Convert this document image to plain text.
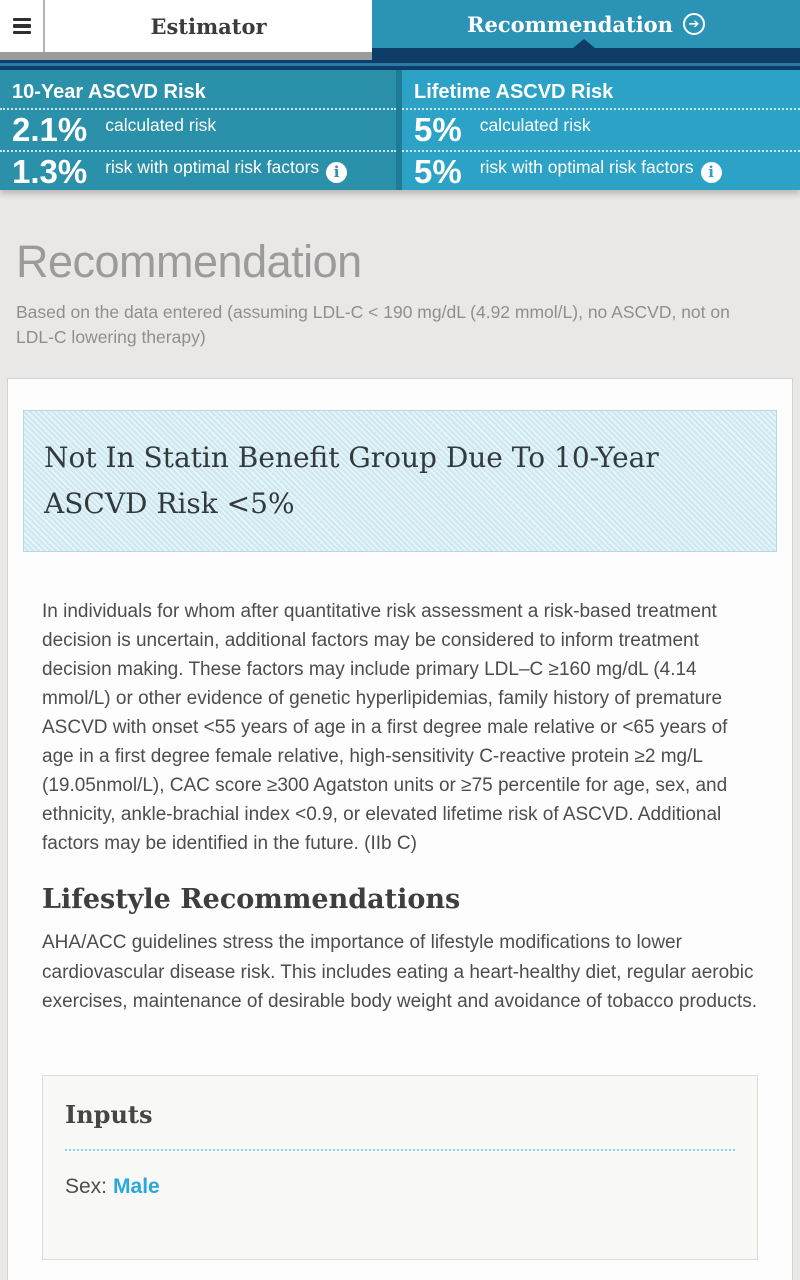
Estimator	Recommendation	➔
10-Year ASCVD Risk
2.1% calculated risk
1.3% risk with optimal risk factors i
Lifetime ASCVD Risk
5% calculated risk
5% risk with optimal risk factors i
Recommendation

Based on the data entered (assuming LDL-C < 190 mg/dL (4.92 mmol/L), no ASCVD, not on LDL-C lowering therapy)

Not In Statin Benefit Group Due To 10-Year ASCVD Risk <5%

In individuals for whom after quantitative risk assessment a risk-based treatment decision is uncertain, additional factors may be considered to inform treatment decision making. These factors may include primary LDL–C ≥160 mg/dL (4.14 mmol/L) or other evidence of genetic hyperlipidemias, family history of premature ASCVD with onset <55 years of age in a first degree male relative or <65 years of age in a first degree female relative, high-sensitivity C-reactive protein ≥2 mg/L (19.05nmol/L), CAC score ≥300 Agatston units or ≥75 percentile for age, sex, and ethnicity, ankle-brachial index <0.9, or elevated lifetime risk of ASCVD. Additional factors may be identified in the future. (IIb C)

Lifestyle Recommendations

AHA/ACC guidelines stress the importance of lifestyle modifications to lower cardiovascular disease risk. This includes eating a heart-healthy diet, regular aerobic exercises, maintenance of desirable body weight and avoidance of tobacco products.

Inputs
Sex: Male
